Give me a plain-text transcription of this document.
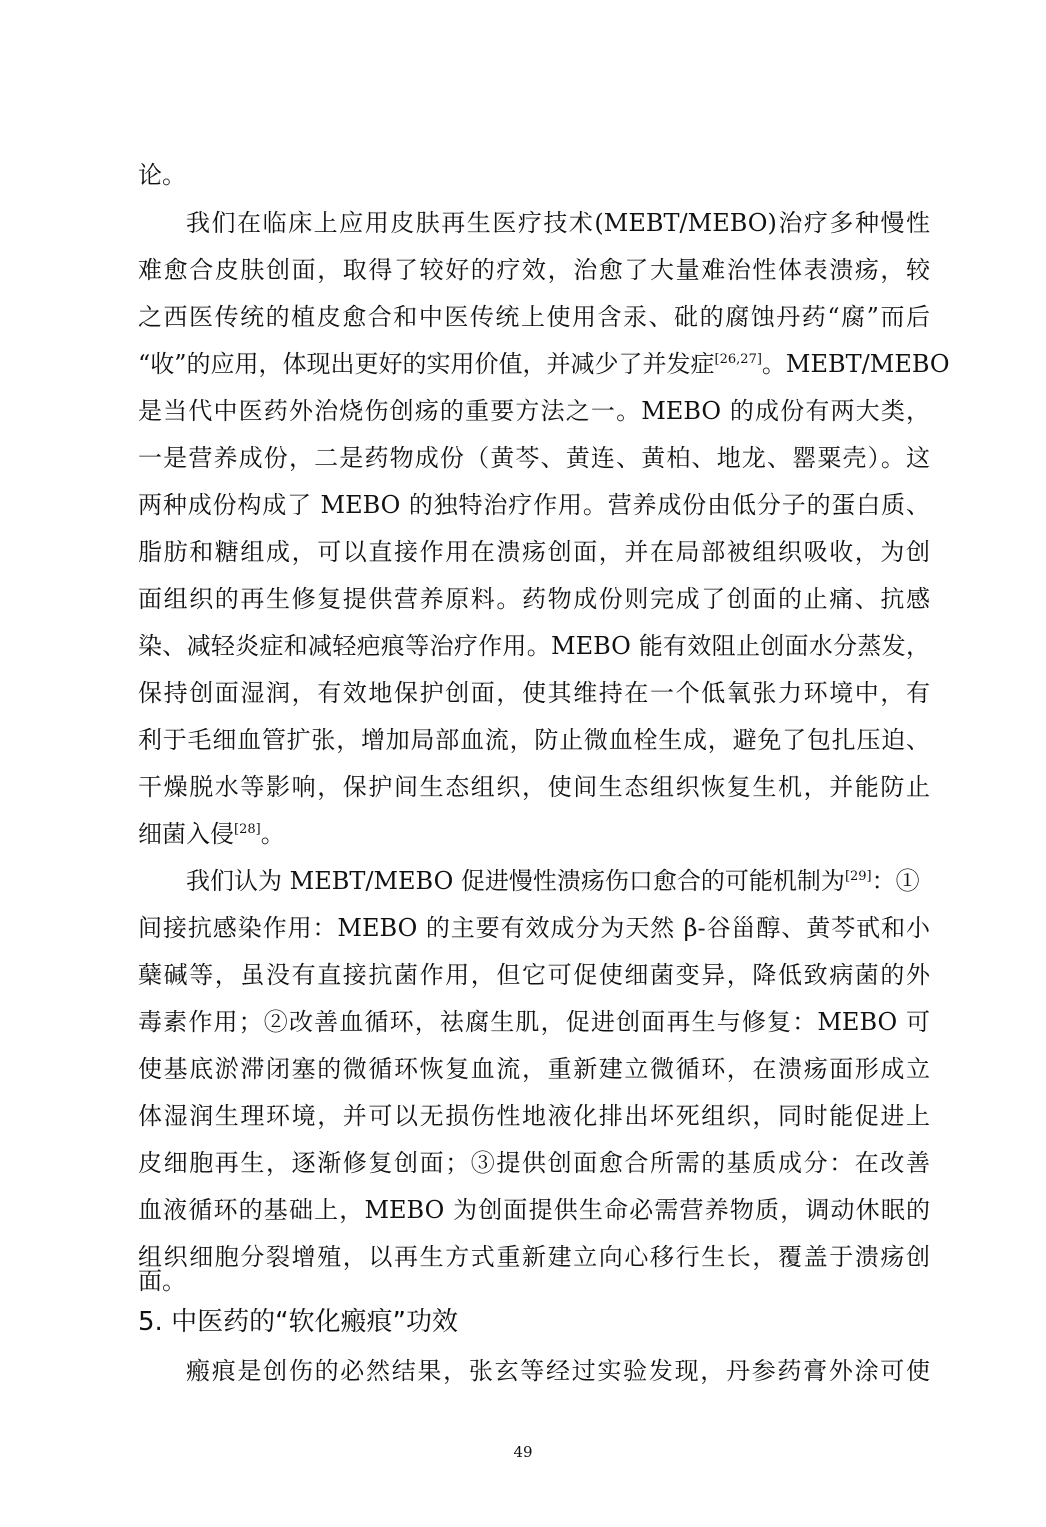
论。
我们在临床上应用皮肤再生医疗技术(MEBT/MEBO)治疗多种慢性
难愈合皮肤创面，取得了较好的疗效，治愈了大量难治性体表溃疡，较
之西医传统的植皮愈合和中医传统上使用含汞、砒的腐蚀丹药“腐”而后
“收”的应用，体现出更好的实用价值，并减少了并发症[26,27]。MEBT/MEBO
是当代中医药外治烧伤创疡的重要方法之一。MEBO 的成份有两大类，
一是营养成份，二是药物成份（黄芩、黄连、黄柏、地龙、罂粟壳）。这
两种成份构成了 MEBO 的独特治疗作用。营养成份由低分子的蛋白质、
脂肪和糖组成，可以直接作用在溃疡创面，并在局部被组织吸收，为创
面组织的再生修复提供营养原料。药物成份则完成了创面的止痛、抗感
染、减轻炎症和减轻疤痕等治疗作用。MEBO 能有效阻止创面水分蒸发，
保持创面湿润，有效地保护创面，使其维持在一个低氧张力环境中，有
利于毛细血管扩张，增加局部血流，防止微血栓生成，避免了包扎压迫、
干燥脱水等影响，保护间生态组织，使间生态组织恢复生机，并能防止
细菌入侵[28]。
我们认为 MEBT/MEBO 促进慢性溃疡伤口愈合的可能机制为[29]：①
间接抗感染作用：MEBO 的主要有效成分为天然 β-谷甾醇、黄芩甙和小
蘖碱等，虽没有直接抗菌作用，但它可促使细菌变异，降低致病菌的外
毒素作用；②改善血循环，祛腐生肌，促进创面再生与修复：MEBO 可
使基底淤滞闭塞的微循环恢复血流，重新建立微循环，在溃疡面形成立
体湿润生理环境，并可以无损伤性地液化排出坏死组织，同时能促进上
皮细胞再生，逐渐修复创面；③提供创面愈合所需的基质成分：在改善
血液循环的基础上，MEBO 为创面提供生命必需营养物质，调动休眠的
组织细胞分裂增殖，以再生方式重新建立向心移行生长，覆盖于溃疡创
面。
5. 中医药的“软化瘢痕”功效
瘢痕是创伤的必然结果，张玄等经过实验发现，丹参药膏外涂可使
49
